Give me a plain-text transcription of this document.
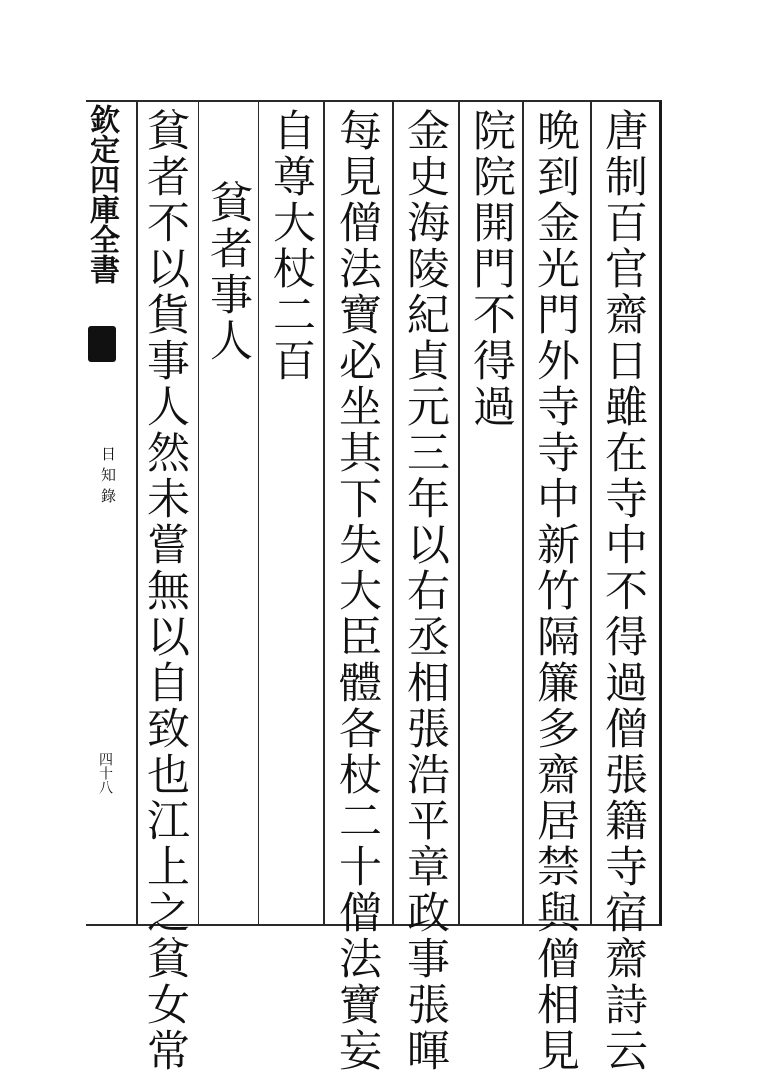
欽定四庫全書
日知錄
四十八	唐制百官齋日雖在寺中不得過僧張籍寺宿齋詩云
晩到金光門外寺寺中新竹隔簾多齋居禁與僧相見
院院開門不得過
金史海陵紀貞元三年以右丞相張浩平章政事張暉
每見僧法寶必坐其下失大臣體各杖二十僧法寶妄
自尊大杖二百
貧者事人
貧者不以貨事人然未嘗無以自致也江上之貧女常
